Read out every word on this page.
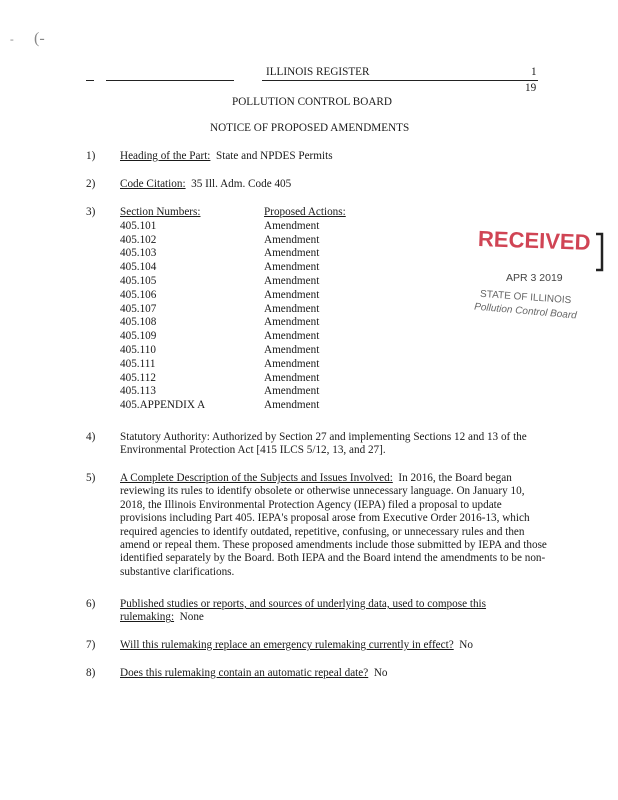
- (-
ILLINOIS REGISTER	1
19
POLLUTION CONTROL BOARD
NOTICE OF PROPOSED AMENDMENTS
1) Heading of the Part: State and NPDES Permits
2) Code Citation: 35 Ill. Adm. Code 405
3) Section Numbers:
405.101
405.102
405.103
405.104
405.105
405.106
405.107
405.108
405.109
405.110
405.111
405.112
405.113
405.APPENDIX A
Proposed Actions:
Amendment
Amendment
Amendment
Amendment
Amendment
Amendment
Amendment
Amendment
Amendment
Amendment
Amendment
Amendment
Amendment
Amendment
RECEIVED
APR 3 2019
STATE OF ILLINOIS
Pollution Control Board
4) Statutory Authority: Authorized by Section 27 and implementing Sections 12 and 13 of the Environmental Protection Act [415 ILCS 5/12, 13, and 27].
5) A Complete Description of the Subjects and Issues Involved: In 2016, the Board began reviewing its rules to identify obsolete or otherwise unnecessary language. On January 10, 2018, the Illinois Environmental Protection Agency (IEPA) filed a proposal to update provisions including Part 405. IEPA's proposal arose from Executive Order 2016-13, which required agencies to identify outdated, repetitive, confusing, or unnecessary rules and then amend or repeal them. These proposed amendments include those submitted by IEPA and those identified separately by the Board. Both IEPA and the Board intend the amendments to be non-substantive clarifications.
6) Published studies or reports, and sources of underlying data, used to compose this rulemaking: None
7) Will this rulemaking replace an emergency rulemaking currently in effect? No
8) Does this rulemaking contain an automatic repeal date? No
